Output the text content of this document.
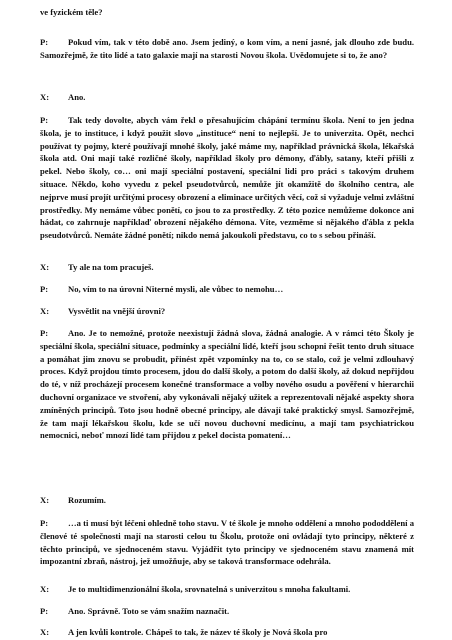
ve fyzickém těle?

P: Pokud vím, tak v této době ano. Jsem jediný, o kom vím, a není jasné, jak dlouho zde budu. Samozřejmě, že tito lidé a tato galaxie mají na starosti Novou škola. Uvědomujete si to, že ano?

X: Ano.

P: Tak tedy dovolte, abych vám řekl o přesahujícím chápání termínu škola. Není to jen jedna škola, je to instituce, i když použit slovo „instituce“ není to nejlepší. Je to univerzita. Opět, nechci používat ty pojmy, které používají mnohé školy, jaké máme my, například právnická škola, lékařská škola atd. Oni mají také rozličné školy, například školy pro démony, ďábly, satany, kteří přišli z pekel. Nebo školy, co… oni mají speciální postavení, speciální lidi pro práci s takovým druhem situace. Někdo, koho vyvedu z pekel pseudotvůrců, nemůže jít okamžitě do školního centra, ale nejprve musí projít určitými procesy obrození a eliminace určitých věcí, což si vyžaduje velmi zvláštní prostředky. My nemáme vůbec ponětí, co jsou to za prostředky. Z této pozice nemůžeme dokonce ani hádat, co zahrnuje napříklaď obrození nějakého démona. Víte, vezměme si nějakého ďábla z pekla pseudotvůrců. Nemáte žádné ponětí; nikdo nemá jakoukoli představu, co to s sebou přináší.

X: Ty ale na tom pracuješ.

P: No, vím to na úrovni Niterné mysli, ale vůbec to nemohu…

X: Vysvětlit na vnější úrovni?

P: Ano. Je to nemožné, protože neexistují žádná slova, žádná analogie. A v rámci této Školy je speciální škola, speciální situace, podmínky a speciální lidé, kteří jsou schopni řešit tento druh situace a pomáhat jim znovu se probudit, přinést zpět vzpomínky na to, co se stalo, což je velmi zdlouhavý proces. Když projdou tímto procesem, jdou do další školy, a potom do další školy, až dokud nepřijdou do té, v níž procházejí procesem konečné transformace a volby nového osudu a pověření v hierarchii duchovní organizace ve stvoření, aby vykonávali nějaký užitek a reprezentovali nějaké aspekty shora zmíněných principů. Toto jsou hodně obecné principy, ale dávají také praktický smysl. Samozřejmě, že tam mají lékařskou školu, kde se učí novou duchovní medicínu, a mají tam psychiatrickou nemocnici, neboť mnozí lidé tam přijdou z pekel docista pomatení…

X: Rozumím.

P: …a ti musí být léčeni ohledně toho stavu. V té škole je mnoho oddělení a mnoho pododdělení a členové té společnosti mají na starosti celou tu Školu, protože oni ovládají tyto principy, některé z těchto principů, ve sjednoceném stavu. Vyjádřit tyto principy ve sjednoceném stavu znamená mít impozantní zbraň, nástroj, jež umožňuje, aby se taková transformace odehrála.

X: Je to multidimenzionální škola, srovnatelná s univerzitou s mnoha fakultami.

P: Ano. Správně. Toto se vám snažím naznačit.

X: A jen kvůli kontrole. Chápeš to tak, že název té školy je Nová škola pro
